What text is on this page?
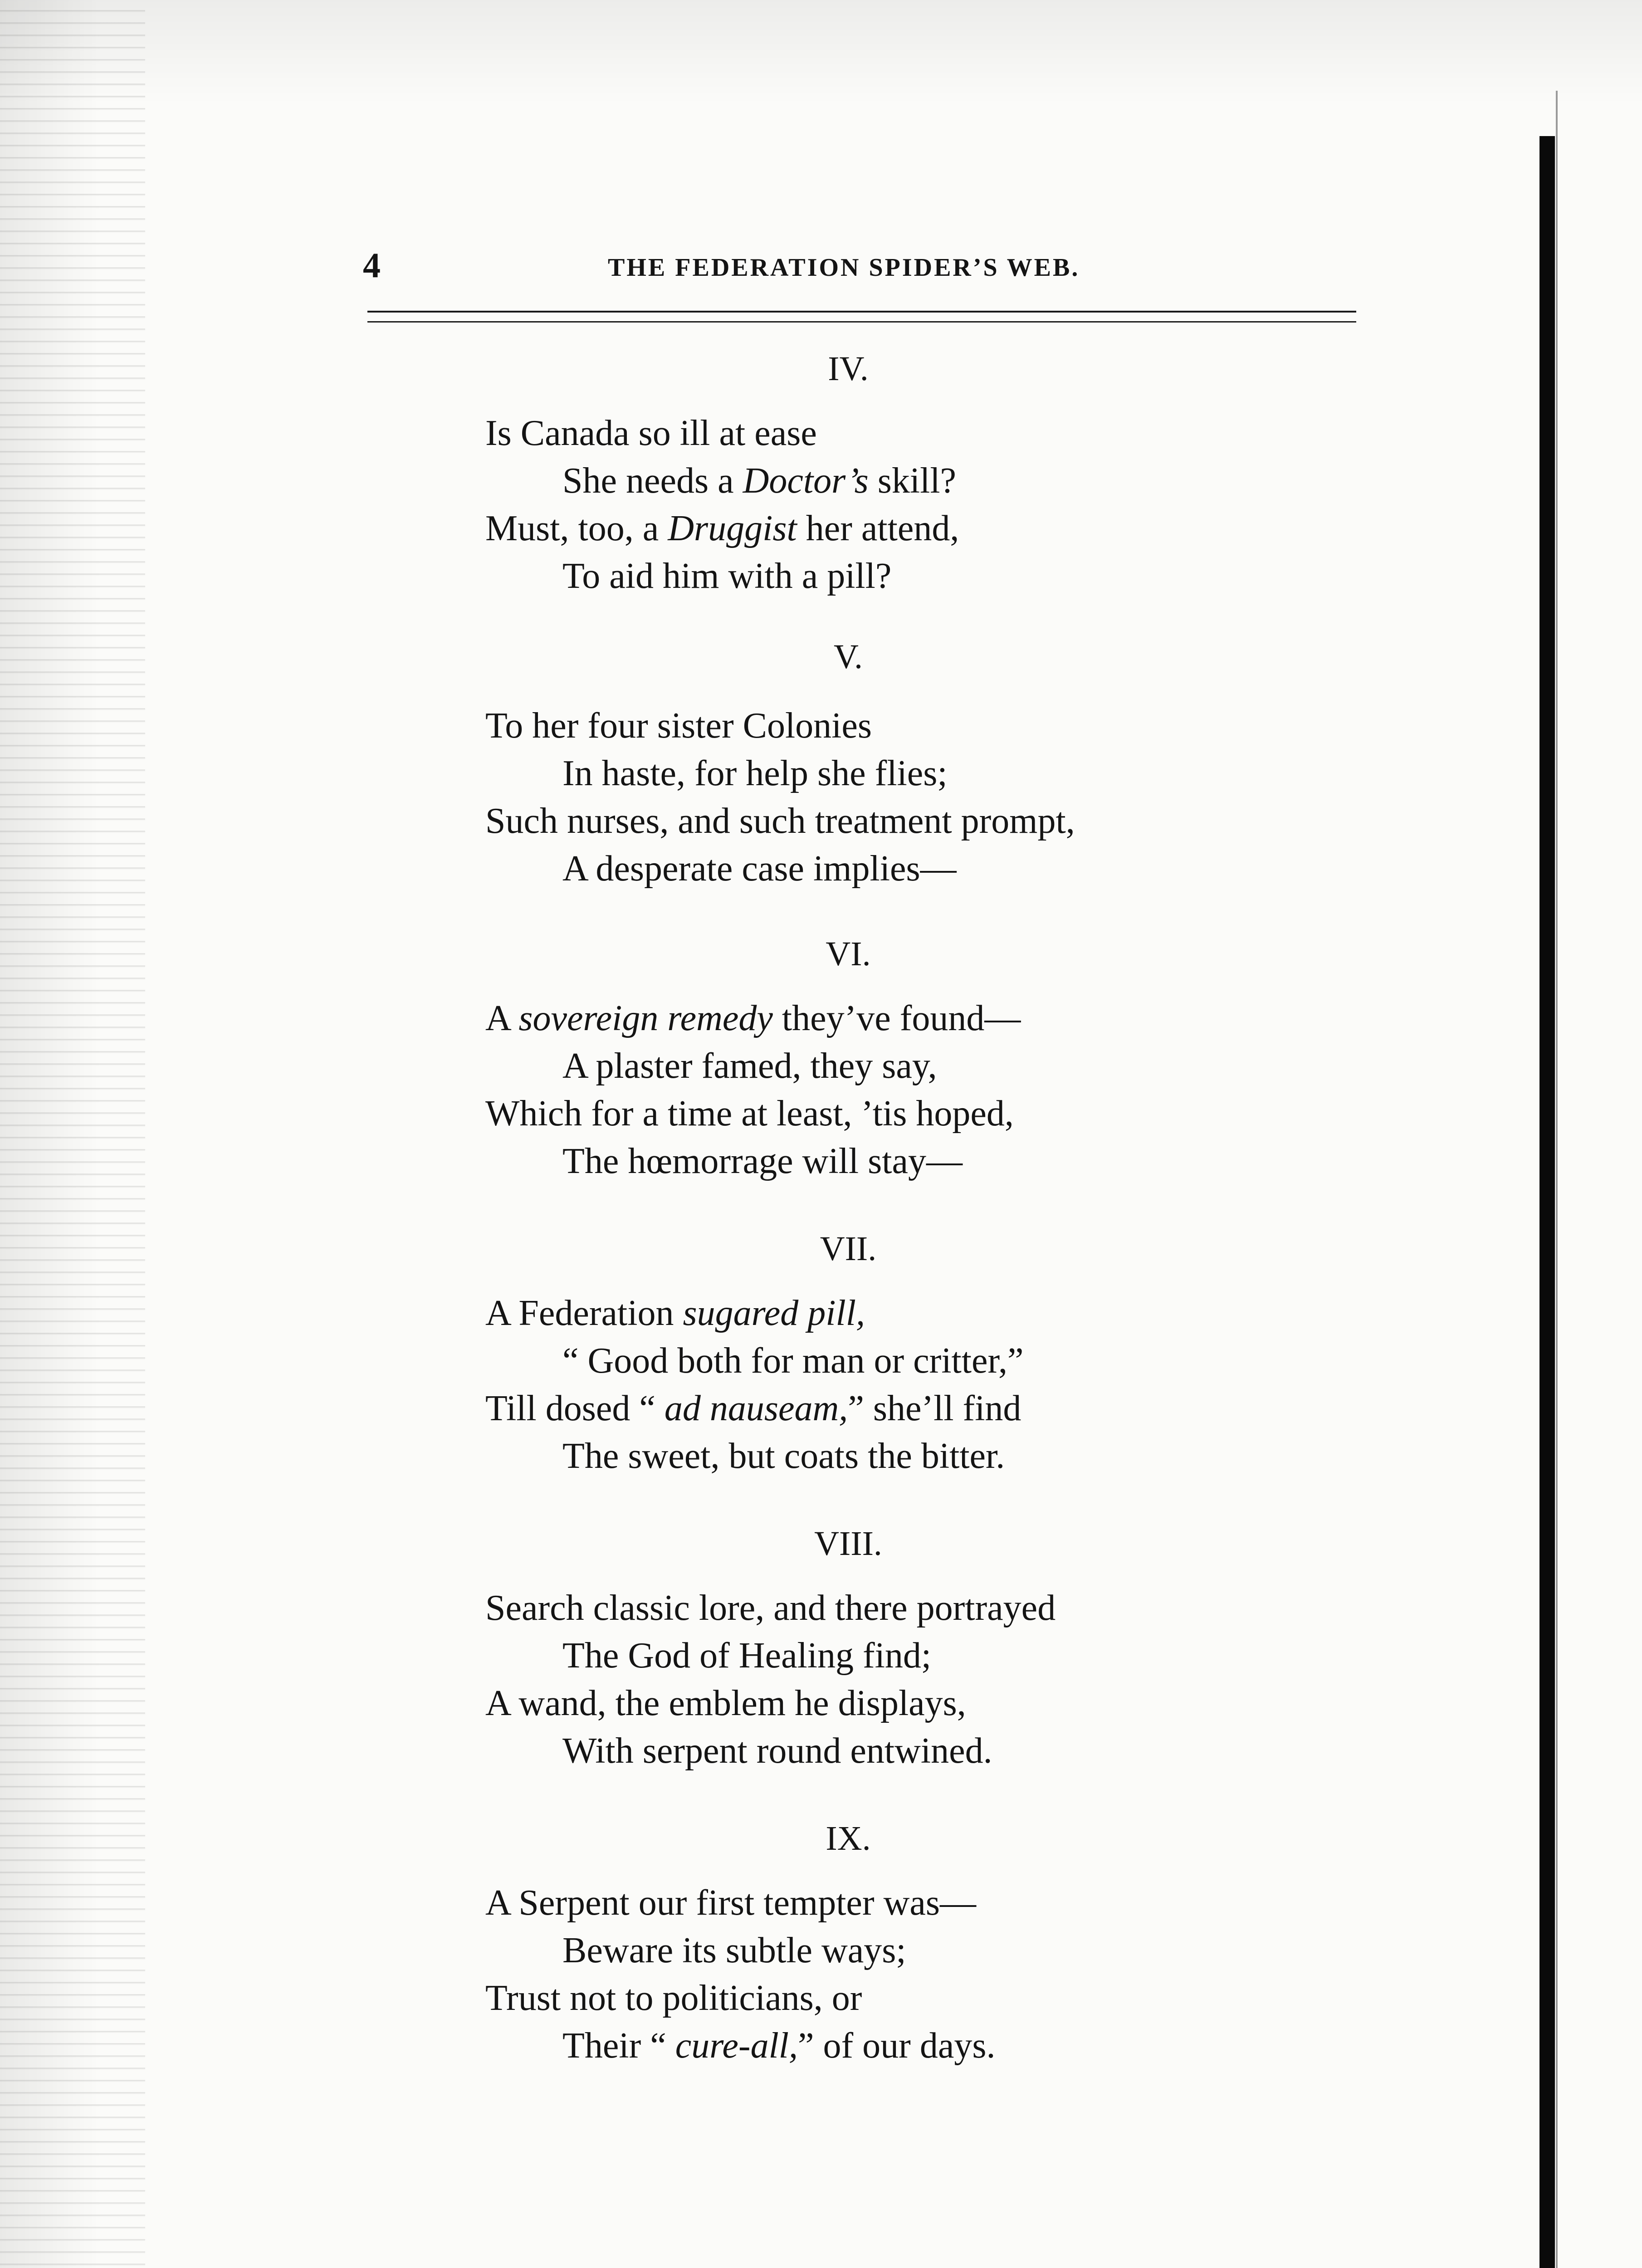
4	THE FEDERATION SPIDER’S WEB.
IV.
Is Canada so ill at ease
She needs a Doctor’s skill?
Must, too, a Druggist her attend,
To aid him with a pill?
V.
To her four sister Colonies
In haste, for help she flies;
Such nurses, and such treatment prompt,
A desperate case implies—
VI.
A sovereign remedy they’ve found—
A plaster famed, they say,
Which for a time at least, ’tis hoped,
The hœmorrage will stay—
VII.
A Federation sugared pill,
“ Good both for man or critter,”
Till dosed “ ad nauseam,” she’ll find
The sweet, but coats the bitter.
VIII.
Search classic lore, and there portrayed
The God of Healing find;
A wand, the emblem he displays,
With serpent round entwined.
IX.
A Serpent our first tempter was—
Beware its subtle ways;
Trust not to politicians, or
Their “ cure-all,” of our days.
